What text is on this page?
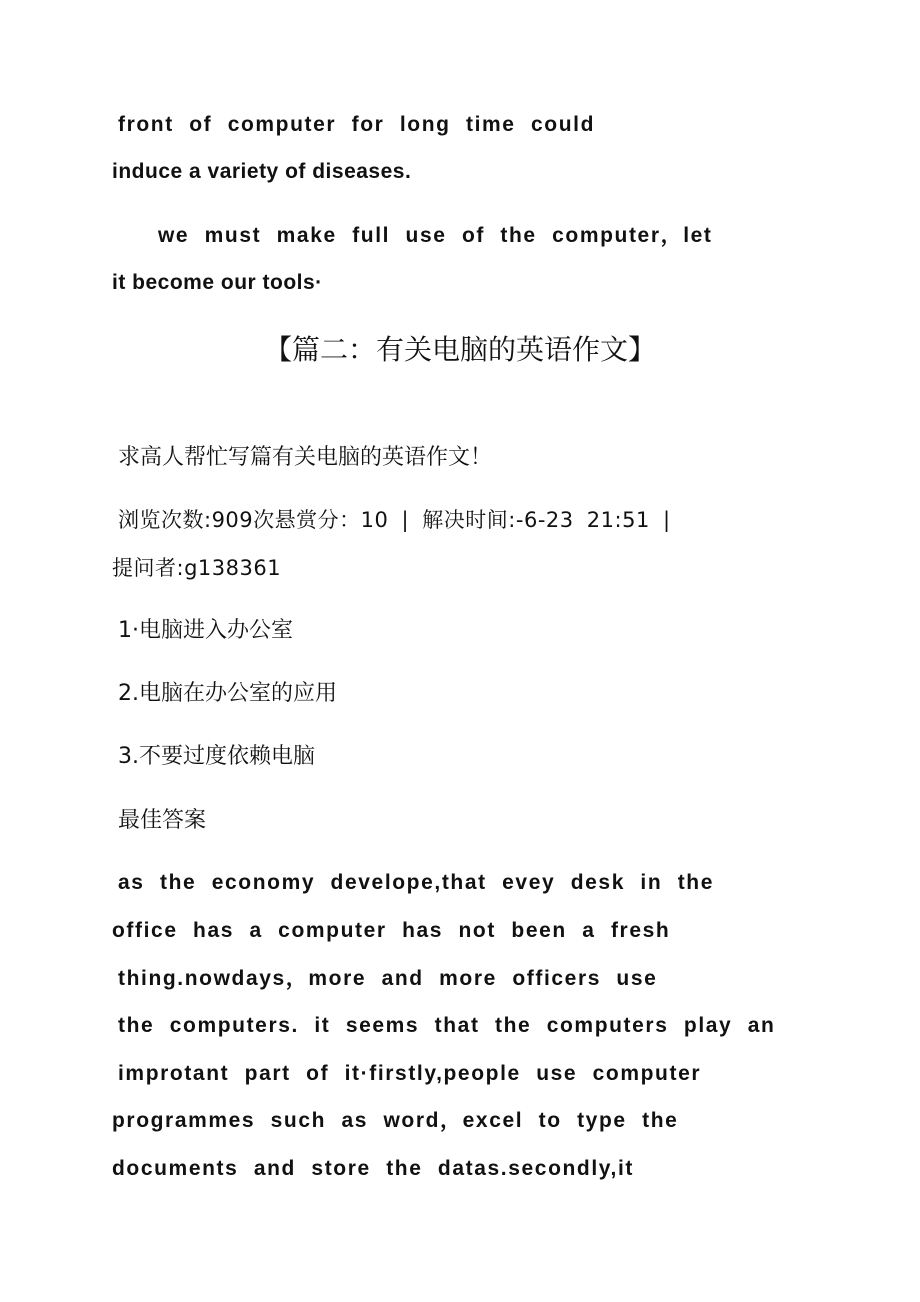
front of computer for long time could
induce a variety of diseases.
we must make full use of the computer，let
it become our tools·
【篇二：有关电脑的英语作文】
求高人帮忙写篇有关电脑的英语作文！
浏览次数:909次悬赏分：10 | 解决时间:-6-23 21:51 |
提问者:g138361
1·电脑进入办公室
2.电脑在办公室的应用
3.不要过度依赖电脑
最佳答案
as the economy develope,that evey desk in the
office has a computer has not been a fresh
thing.nowdays，more and more officers use
the computers. it seems that the computers play an
improtant part of it·firstly,people use computer
programmes such as word，excel to type the
documents and store the datas.secondly,it
